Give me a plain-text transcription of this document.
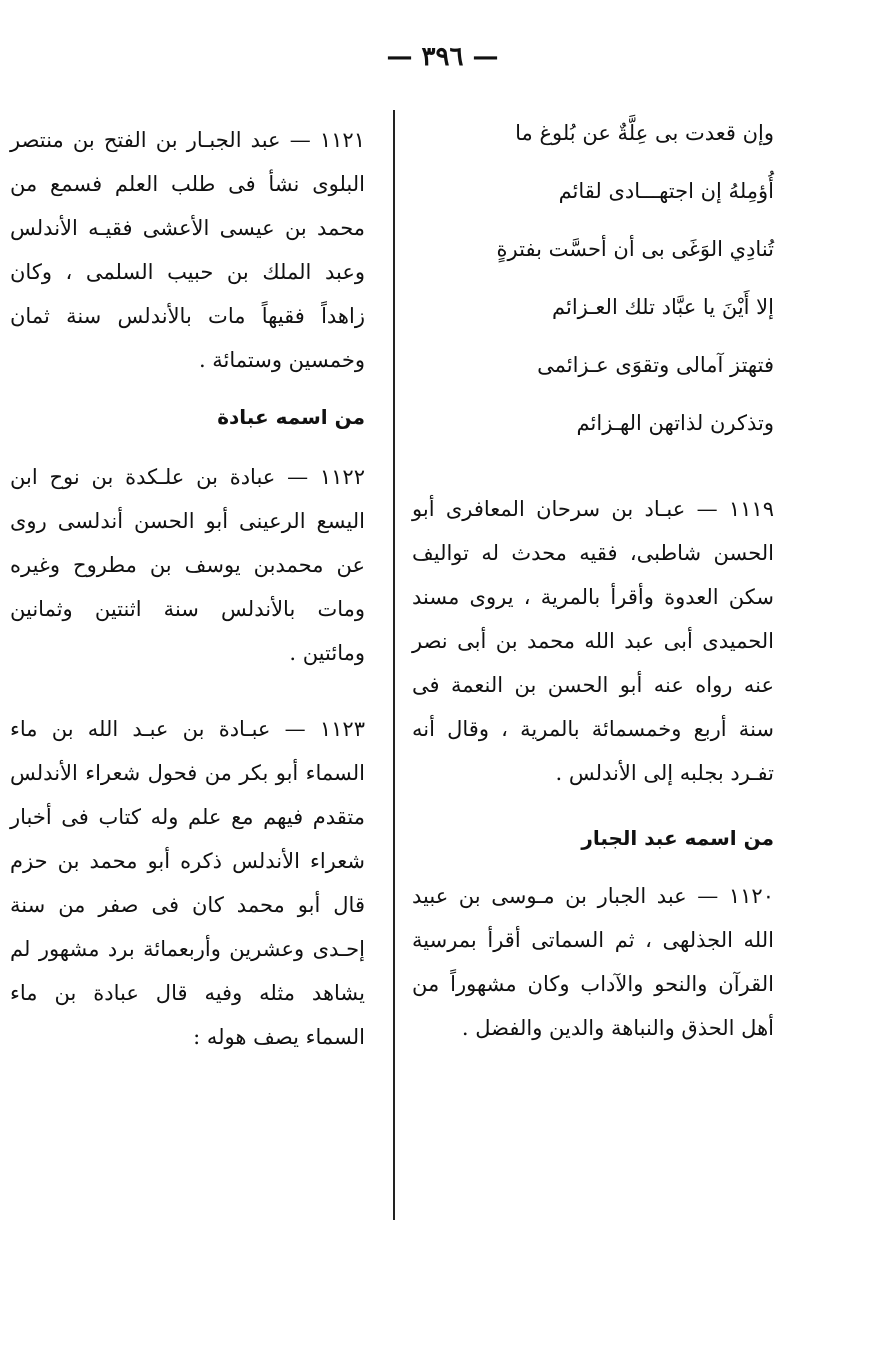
— ٣٩٦ —

وإن قعدت بى عِلَّةٌ عن بُلوغ ما

أُؤمِلهُ إن اجتهـــادى لقائم

تُنادِي الوَغَى بى أن أحسَّت بفترةٍ

إلا أَيْنَ يا عبَّاد تلك العـزائم

فتهتز آمالى وتقوَى عـزائمى

وتذكرن لذاتهن الهـزائم

١١١٩ — عبـاد بن سرحان المعافرى أبو الحسن شاطبى، فقيه محدث له تواليف سكن العدوة وأقرأ بالمرية ، يروى مسند الحميدى أبى عبد الله محمد بن أبى نصر عنه رواه عنه أبو الحسن بن النعمة فى سنة أربع وخمسمائة بالمرية ، وقال أنه تفـرد بجلبه إلى الأندلس .

من اسمه عبد الجبار

١١٢٠ — عبد الجبار بن مـوسى بن عبيد الله الجذلهى ، ثم السماتى أقرأ بمرسية القرآن والنحو والآداب وكان مشهوراً من أهل الحذق والنباهة والدين والفضل .

١١٢١ — عبد الجبـار بن الفتح بن منتصر البلوى نشأ فى طلب العلم فسمع من محمد بن عيسى الأعشى فقيـه الأندلس وعبد الملك بن حبيب السلمى ، وكان زاهداً فقيهاً مات بالأندلس سنة ثمان وخمسين وستمائة .

من اسمه عبادة

١١٢٢ — عبادة بن علـكدة بن نوح ابن اليسع الرعينى أبو الحسن أندلسى روى عن محمدبن يوسف بن مطروح وغيره ومات بالأندلس سنة اثنتين وثمانين ومائتين .

١١٢٣ — عبـادة بن عبـد الله بن ماء السماء أبو بكر من فحول شعراء الأندلس متقدم فيهم مع علم وله كتاب فى أخبار شعراء الأندلس ذكره أبو محمد بن حزم قال أبو محمد كان فى صفر من سنة إحـدى وعشرين وأربعمائة برد مشهور لم يشاهد مثله وفيه قال عبادة بن ماء السماء يصف هوله :
